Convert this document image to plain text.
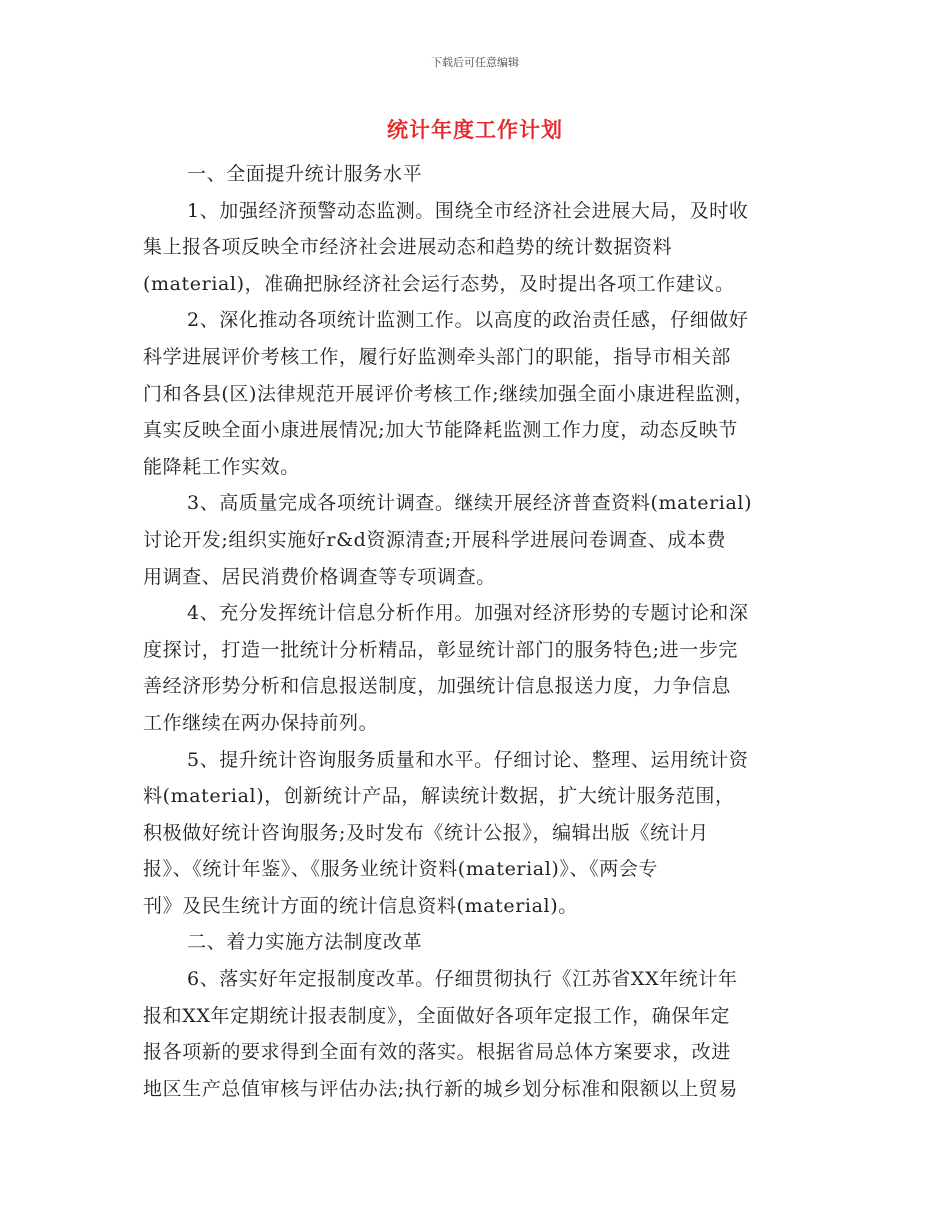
下载后可任意编辑
统计年度工作计划
一、全面提升统计服务水平
1、加强经济预警动态监测。围绕全市经济社会进展大局，及时收
集上报各项反映全市经济社会进展动态和趋势的统计数据资料
(material)，准确把脉经济社会运行态势，及时提出各项工作建议。
2、深化推动各项统计监测工作。以高度的政治责任感，仔细做好
科学进展评价考核工作，履行好监测牵头部门的职能，指导市相关部
门和各县(区)法律规范开展评价考核工作;继续加强全面小康进程监测，
真实反映全面小康进展情况;加大节能降耗监测工作力度，动态反映节
能降耗工作实效。
3、高质量完成各项统计调查。继续开展经济普查资料(material)
讨论开发;组织实施好r&d资源清查;开展科学进展问卷调查、成本费
用调查、居民消费价格调查等专项调查。
4、充分发挥统计信息分析作用。加强对经济形势的专题讨论和深
度探讨，打造一批统计分析精品，彰显统计部门的服务特色;进一步完
善经济形势分析和信息报送制度，加强统计信息报送力度，力争信息
工作继续在两办保持前列。
5、提升统计咨询服务质量和水平。仔细讨论、整理、运用统计资
料(material)，创新统计产品，解读统计数据，扩大统计服务范围，
积极做好统计咨询服务;及时发布《统计公报》，编辑出版《统计月
报》、《统计年鉴》、《服务业统计资料(material)》、《两会专
刊》及民生统计方面的统计信息资料(material)。
二、着力实施方法制度改革
6、落实好年定报制度改革。仔细贯彻执行《江苏省XX年统计年
报和XX年定期统计报表制度》，全面做好各项年定报工作，确保年定
报各项新的要求得到全面有效的落实。根据省局总体方案要求，改进
地区生产总值审核与评估办法;执行新的城乡划分标准和限额以上贸易
